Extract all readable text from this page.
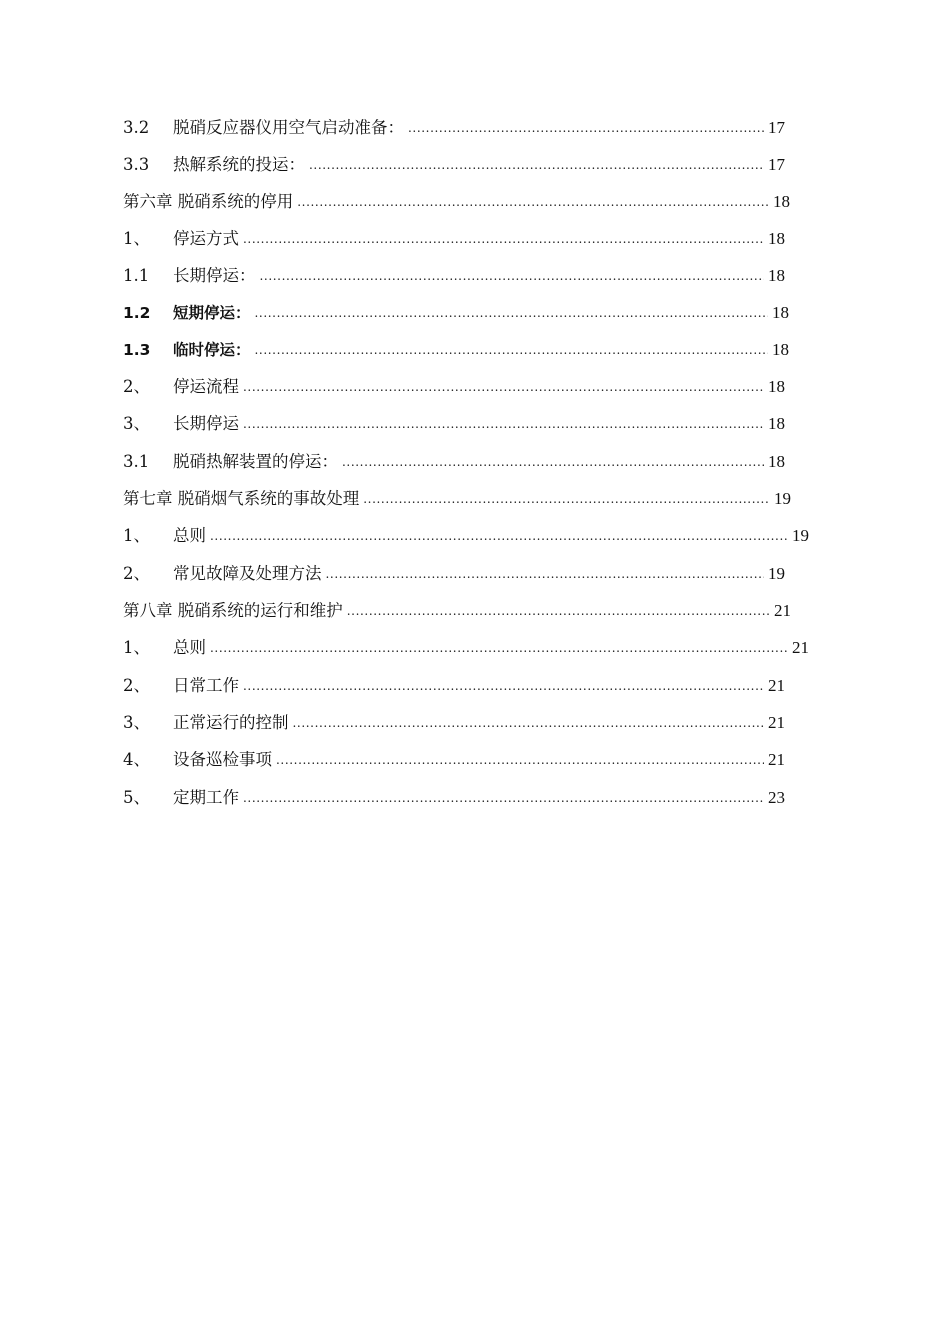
3.2	脱硝反应器仪用空气启动准备： .....	17
3.3	热解系统的投运： .....	17
第六章 脱硝系统的停用 .....	18
1、	停运方式 .....	18
1.1	长期停运： .....	18
1.2	短期停运： .....	18
1.3	临时停运： .....	18
2、	停运流程 .....	18
3、	长期停运 .....	18
3.1	脱硝热解装置的停运： .....	18
第七章 脱硝烟气系统的事故处理 .....	19
1、	总则 .....	19
2、	常见故障及处理方法 .....	19
第八章 脱硝系统的运行和维护 .....	21
1、	总则 .....	21
2、	日常工作 .....	21
3、	正常运行的控制 .....	21
4、	设备巡检事项 .....	21
5、	定期工作 .....	23
